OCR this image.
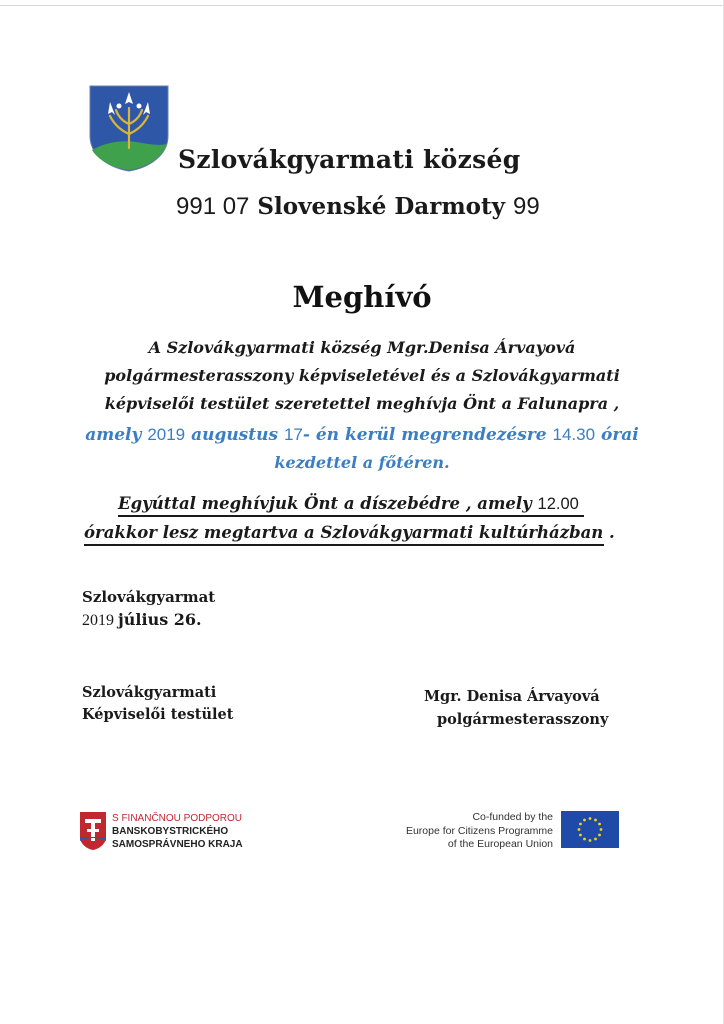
Szlovákgyarmati község
991 07 Slovenské Darmoty 99
Meghívó
A Szlovákgyarmati község Mgr.Denisa Árvayová
polgármesterasszony képviseletével és a Szlovákgyarmati
képviselői testület szeretettel meghívja Önt a Falunapra ,
amely 2019 augustus 17- én kerül megrendezésre 14.30 órai
kezdettel a főtéren.
Egyúttal meghívjuk Önt a díszebédre , amely 12.00
órakkor lesz megtartva a Szlovákgyarmati kultúrházban .
Szlovákgyarmat
2019 július 26.
Szlovákgyarmati
Képviselői testület
Mgr. Denisa Árvayová
polgármesterasszony
S FINANČNOU PODPOROU
BANSKOBYSTRICKÉHO
SAMOSPRÁVNEHO KRAJA
Co-funded by the
Europe for Citizens Programme
of the European Union
